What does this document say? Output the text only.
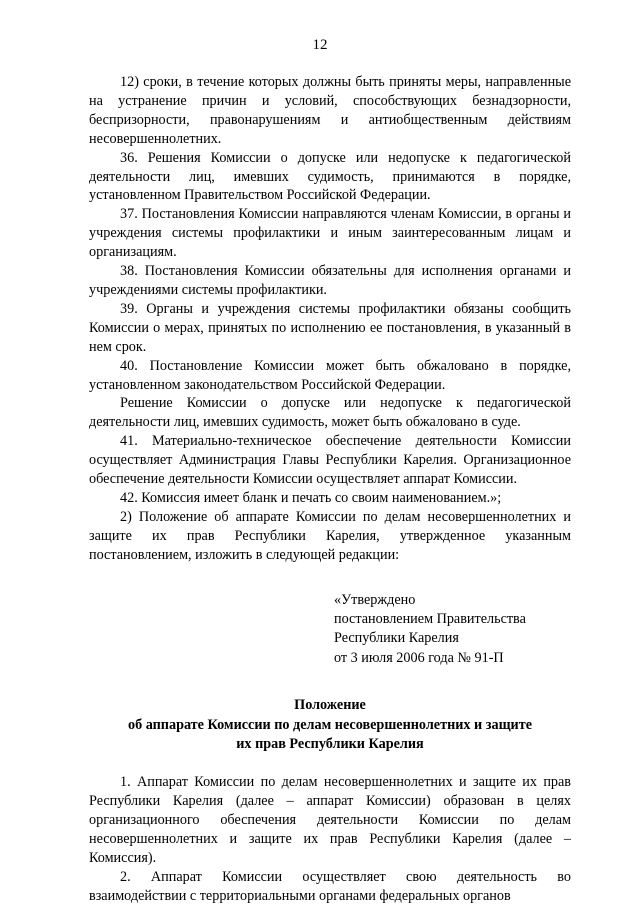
12

12) сроки, в течение которых должны быть приняты меры, направленные на устранение причин и условий, способствующих безнадзорности, беспризорности, правонарушениям и антиобщественным действиям несовершеннолетних.

36. Решения Комиссии о допуске или недопуске к педагогической деятельности лиц, имевших судимость, принимаются в порядке, установленном Правительством Российской Федерации.

37. Постановления Комиссии направляются членам Комиссии, в органы и учреждения системы профилактики и иным заинтересованным лицам и организациям.

38. Постановления Комиссии обязательны для исполнения органами и учреждениями системы профилактики.

39. Органы и учреждения системы профилактики обязаны сообщить Комиссии о мерах, принятых по исполнению ее постановления, в указанный в нем срок.

40. Постановление Комиссии может быть обжаловано в порядке, установленном законодательством Российской Федерации.

Решение Комиссии о допуске или недопуске к педагогической деятельности лиц, имевших судимость, может быть обжаловано в суде.

41. Материально-техническое обеспечение деятельности Комиссии осуществляет Администрация Главы Республики Карелия. Организационное обеспечение деятельности Комиссии осуществляет аппарат Комиссии.

42. Комиссия имеет бланк и печать со своим наименованием.»;

2) Положение об аппарате Комиссии по делам несовершеннолетних и защите их прав Республики Карелия, утвержденное указанным постановлением, изложить в следующей редакции:

«Утверждено
постановлением Правительства
Республики Карелия
от 3 июля 2006 года № 91-П
Положение
об аппарате Комиссии по делам несовершеннолетних и защите
их прав Республики Карелия

1. Аппарат Комиссии по делам несовершеннолетних и защите их прав Республики Карелия (далее – аппарат Комиссии) образован в целях организационного обеспечения деятельности Комиссии по делам несовершеннолетних и защите их прав Республики Карелия (далее – Комиссия).

2. Аппарат Комиссии осуществляет свою деятельность во взаимодействии с территориальными органами федеральных органов
